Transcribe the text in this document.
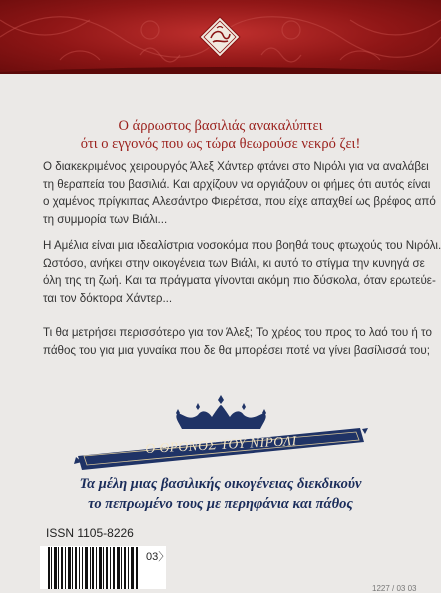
Ο άρρωστος βασιλιάς ανακαλύπτει

ότι ο εγγονός που ως τώρα θεωρούσε νεκρό ζει!

Ο διακεκριμένος χειρουργός Άλεξ Χάντερ φτάνει στο Νιρόλι για να αναλάβει
τη θεραπεία του βασιλιά. Και αρχίζουν να οργιάζουν οι φήμες ότι αυτός είναι
ο χαμένος πρίγκιπας Αλεσάντρο Φιερέτσα, που είχε απαχθεί ως βρέφος από
τη συμμορία των Βιάλι...

Η Αμέλια είναι μια ιδεαλίστρια νοσοκόμα που βοηθά τους φτωχούς του Νιρόλι.
Ωστόσο, ανήκει στην οικογένεια των Βιάλι, κι αυτό το στίγμα την κυνηγά σε
όλη της τη ζωή. Και τα πράγματα γίνονται ακόμη πιο δύσκολα, όταν ερωτεύε-
ται τον δόκτορα Χάντερ...

Τι θα μετρήσει περισσότερο για τον Άλεξ; Το χρέος του προς το λαό του ή το
πάθος του για μια γυναίκα που δε θα μπορέσει ποτέ να γίνει βασίλισσά του;

Ο ΘΡΟΝΟΣ ΤΟΥ ΝΙΡΟΛΙ

Τα μέλη μιας βασιλικής οικογένειας διεκδικούν

το πεπρωμένο τους με περηφάνια και πάθος

ISSN 1105-8226

03〉

1227 / 03 03
